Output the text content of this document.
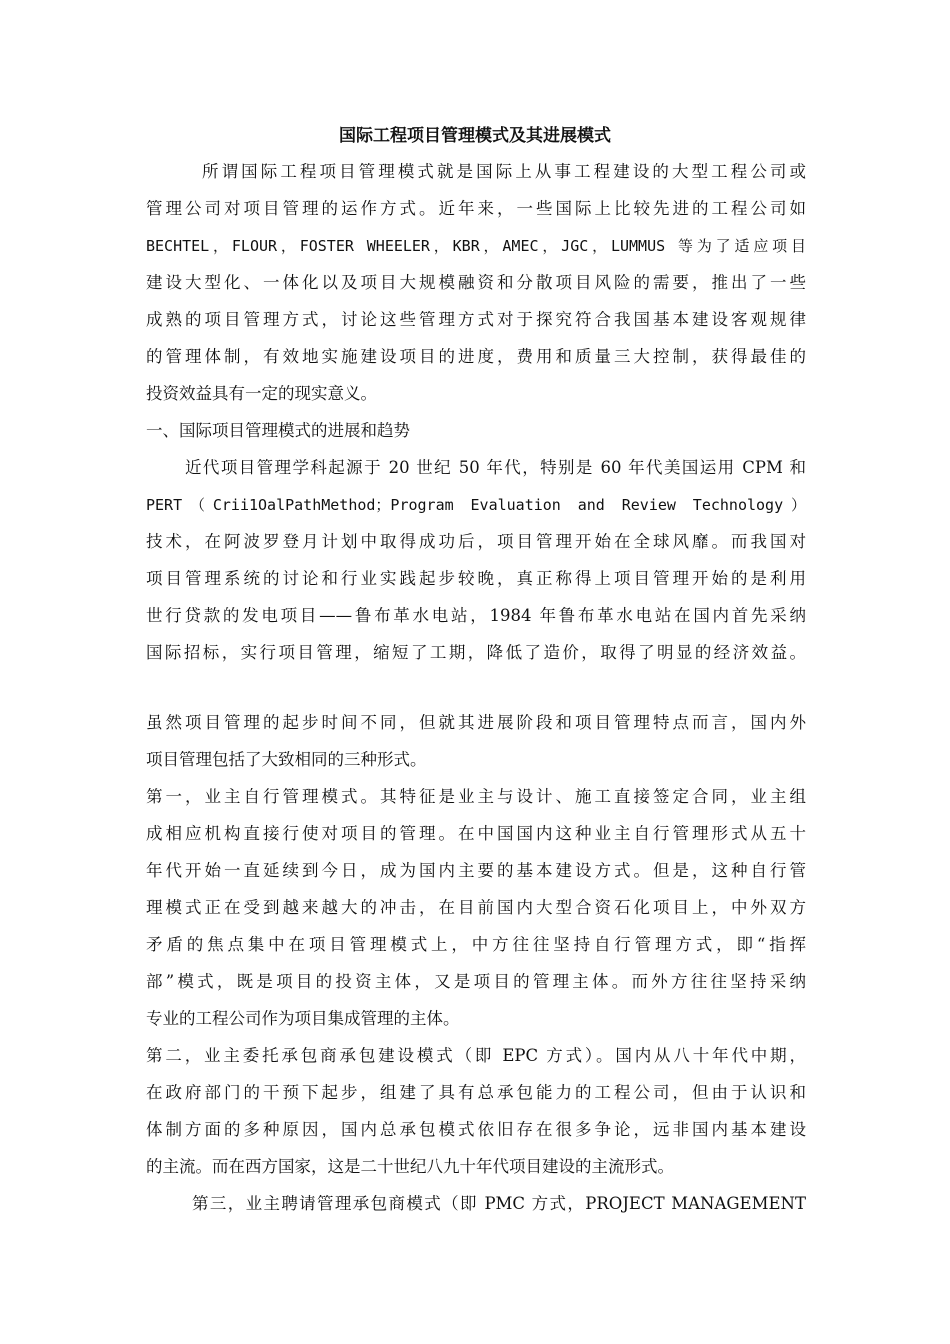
国际工程项目管理模式及其进展模式
所谓国际工程项目管理模式就是国际上从事工程建设的大型工程公司或
管理公司对项目管理的运作方式。近年来，一些国际上比较先进的工程公司如
BECHTEL，FLOUR，FOSTER WHEELER，KBR，AMEC，JGC，LUMMUS 等为了适应项目
建设大型化、一体化以及项目大规模融资和分散项目风险的需要，推出了一些
成熟的项目管理方式，讨论这些管理方式对于探究符合我国基本建设客观规律
的管理体制，有效地实施建设项目的进度，费用和质量三大控制，获得最佳的
投资效益具有一定的现实意义。
一、国际项目管理模式的进展和趋势
近代项目管理学科起源于 20 世纪 50 年代，特别是 60 年代美国运用 CPM 和
PERT（Crii1OalPathMethod；Program Evaluation and Review Technology）
技术，在阿波罗登月计划中取得成功后，项目管理开始在全球风靡。而我国对
项目管理系统的讨论和行业实践起步较晚，真正称得上项目管理开始的是利用
世行贷款的发电项目——鲁布革水电站，1984 年鲁布革水电站在国内首先采纳
国际招标，实行项目管理，缩短了工期，降低了造价，取得了明显的经济效益。
虽然项目管理的起步时间不同，但就其进展阶段和项目管理特点而言，国内外
项目管理包括了大致相同的三种形式。
第一，业主自行管理模式。其特征是业主与设计、施工直接签定合同，业主组
成相应机构直接行使对项目的管理。在中国国内这种业主自行管理形式从五十
年代开始一直延续到今日，成为国内主要的基本建设方式。但是，这种自行管
理模式正在受到越来越大的冲击，在目前国内大型合资石化项目上，中外双方
矛盾的焦点集中在项目管理模式上，中方往往坚持自行管理方式，即“指挥
部”模式，既是项目的投资主体，又是项目的管理主体。而外方往往坚持采纳
专业的工程公司作为项目集成管理的主体。
第二，业主委托承包商承包建设模式（即 EPC 方式）。国内从八十年代中期，
在政府部门的干预下起步，组建了具有总承包能力的工程公司，但由于认识和
体制方面的多种原因，国内总承包模式依旧存在很多争论，远非国内基本建设
的主流。而在西方国家，这是二十世纪八九十年代项目建设的主流形式。
第三，业主聘请管理承包商模式（即 PMC 方式，PROJECT MANAGEMENT
